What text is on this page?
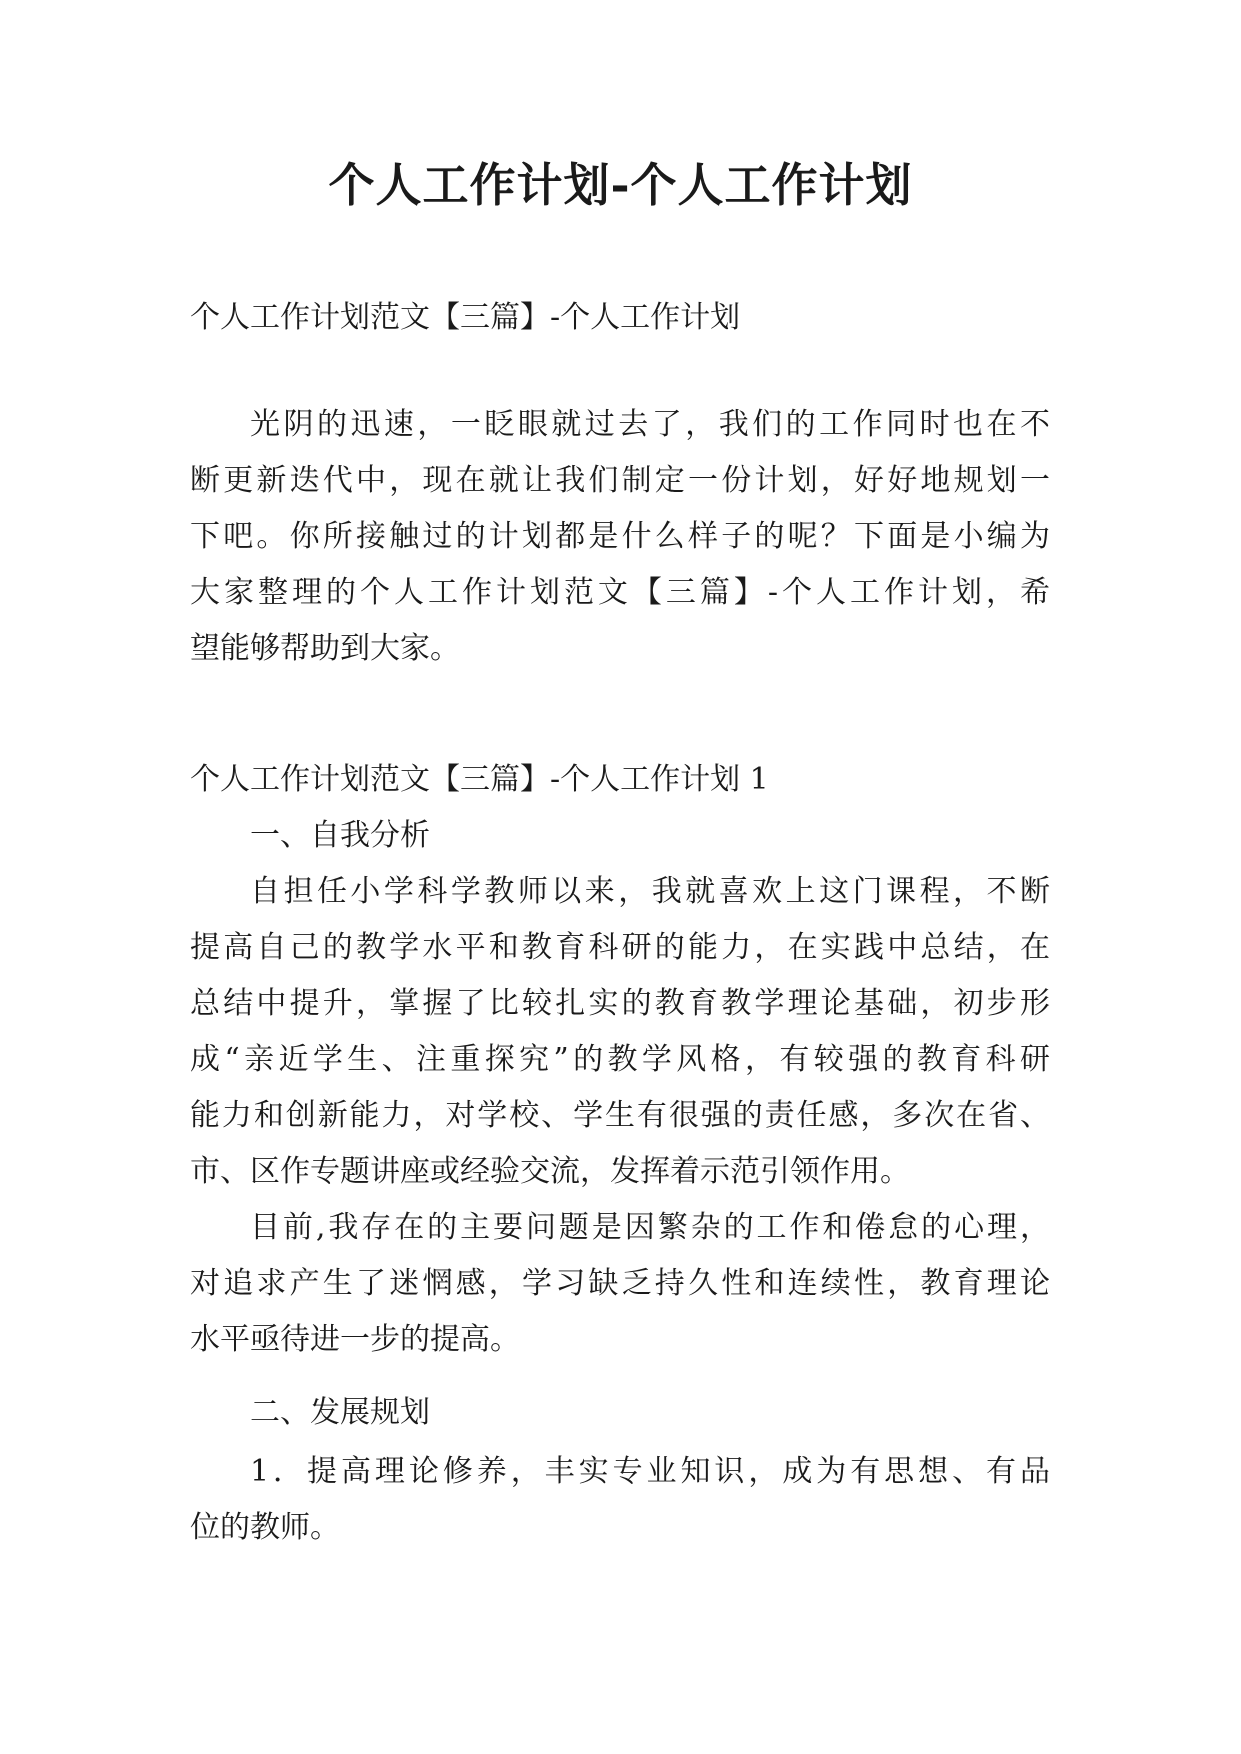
个人工作计划-个人工作计划

个人工作计划范文【三篇】-个人工作计划

光阴的迅速，一眨眼就过去了，我们的工作同时也在不

断更新迭代中，现在就让我们制定一份计划，好好地规划一

下吧。你所接触过的计划都是什么样子的呢？下面是小编为

大家整理的个人工作计划范文【三篇】-个人工作计划，希

望能够帮助到大家。

个人工作计划范文【三篇】-个人工作计划 1

一、自我分析

自担任小学科学教师以来，我就喜欢上这门课程，不断

提高自己的教学水平和教育科研的能力，在实践中总结，在

总结中提升，掌握了比较扎实的教育教学理论基础，初步形

成“亲近学生、注重探究”的教学风格，有较强的教育科研

能力和创新能力，对学校、学生有很强的责任感，多次在省、

市、区作专题讲座或经验交流，发挥着示范引领作用。

目前,我存在的主要问题是因繁杂的工作和倦怠的心理，

对追求产生了迷惘感，学习缺乏持久性和连续性，教育理论

水平亟待进一步的提高。

二、发展规划

1．提高理论修养，丰实专业知识，成为有思想、有品

位的教师。
